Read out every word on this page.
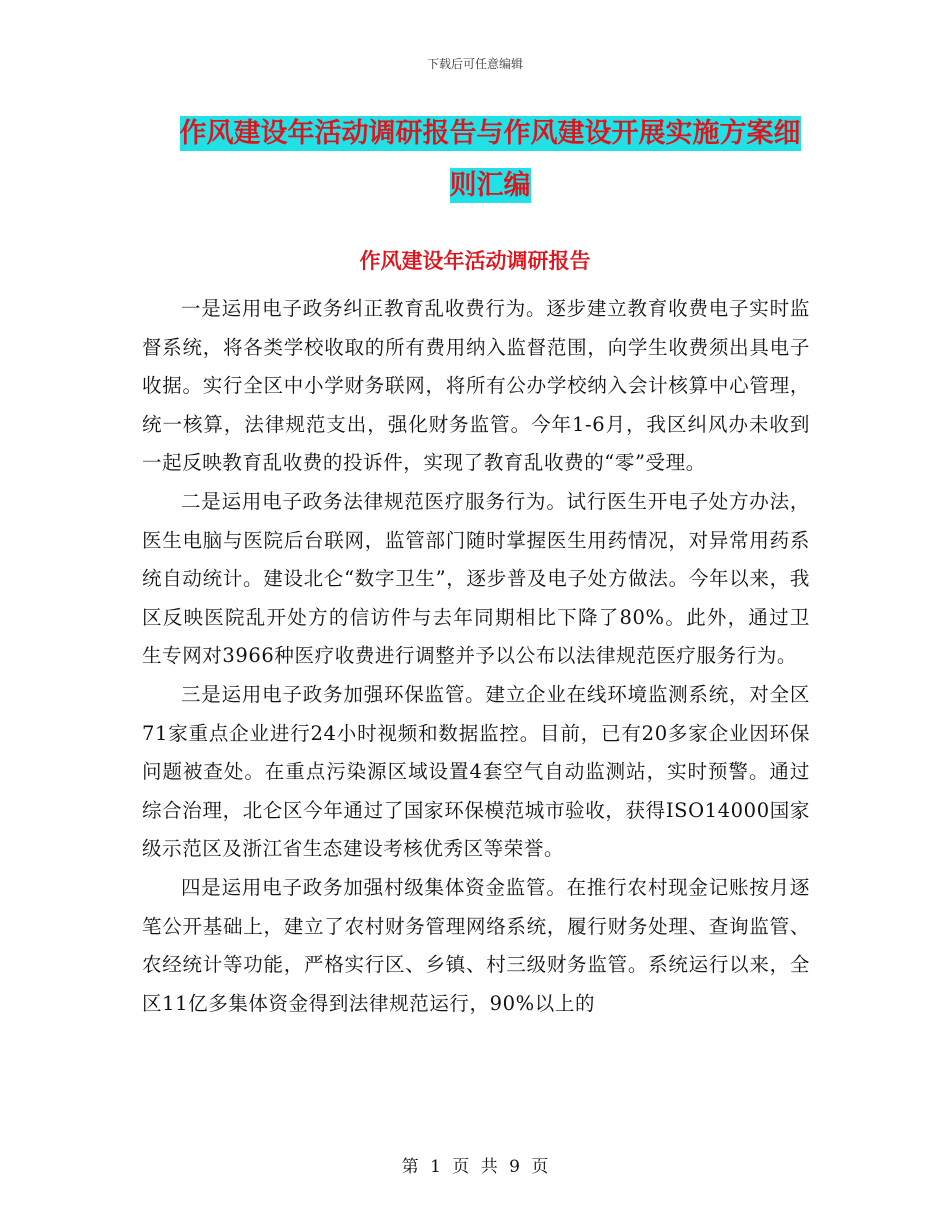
下载后可任意编辑
作风建设年活动调研报告与作风建设开展实施方案细
则汇编
作风建设年活动调研报告

一是运用电子政务纠正教育乱收费行为。逐步建立教育收费电子实时监督系统，将各类学校收取的所有费用纳入监督范围，向学生收费须出具电子收据。实行全区中小学财务联网，将所有公办学校纳入会计核算中心管理，统一核算，法律规范支出，强化财务监管。今年1-6月，我区纠风办未收到一起反映教育乱收费的投诉件，实现了教育乱收费的“零”受理。

二是运用电子政务法律规范医疗服务行为。试行医生开电子处方办法，医生电脑与医院后台联网，监管部门随时掌握医生用药情况，对异常用药系统自动统计。建设北仑“数字卫生”，逐步普及电子处方做法。今年以来，我区反映医院乱开处方的信访件与去年同期相比下降了80%。此外，通过卫生专网对3966种医疗收费进行调整并予以公布以法律规范医疗服务行为。

三是运用电子政务加强环保监管。建立企业在线环境监测系统，对全区71家重点企业进行24小时视频和数据监控。目前，已有20多家企业因环保问题被查处。在重点污染源区域设置4套空气自动监测站，实时预警。通过综合治理，北仑区今年通过了国家环保模范城市验收，获得ISO14000国家级示范区及浙江省生态建设考核优秀区等荣誉。

四是运用电子政务加强村级集体资金监管。在推行农村现金记账按月逐笔公开基础上，建立了农村财务管理网络系统，履行财务处理、查询监管、农经统计等功能，严格实行区、乡镇、村三级财务监管。系统运行以来，全区11亿多集体资金得到法律规范运行，90%以上的

第 1 页 共 9 页
